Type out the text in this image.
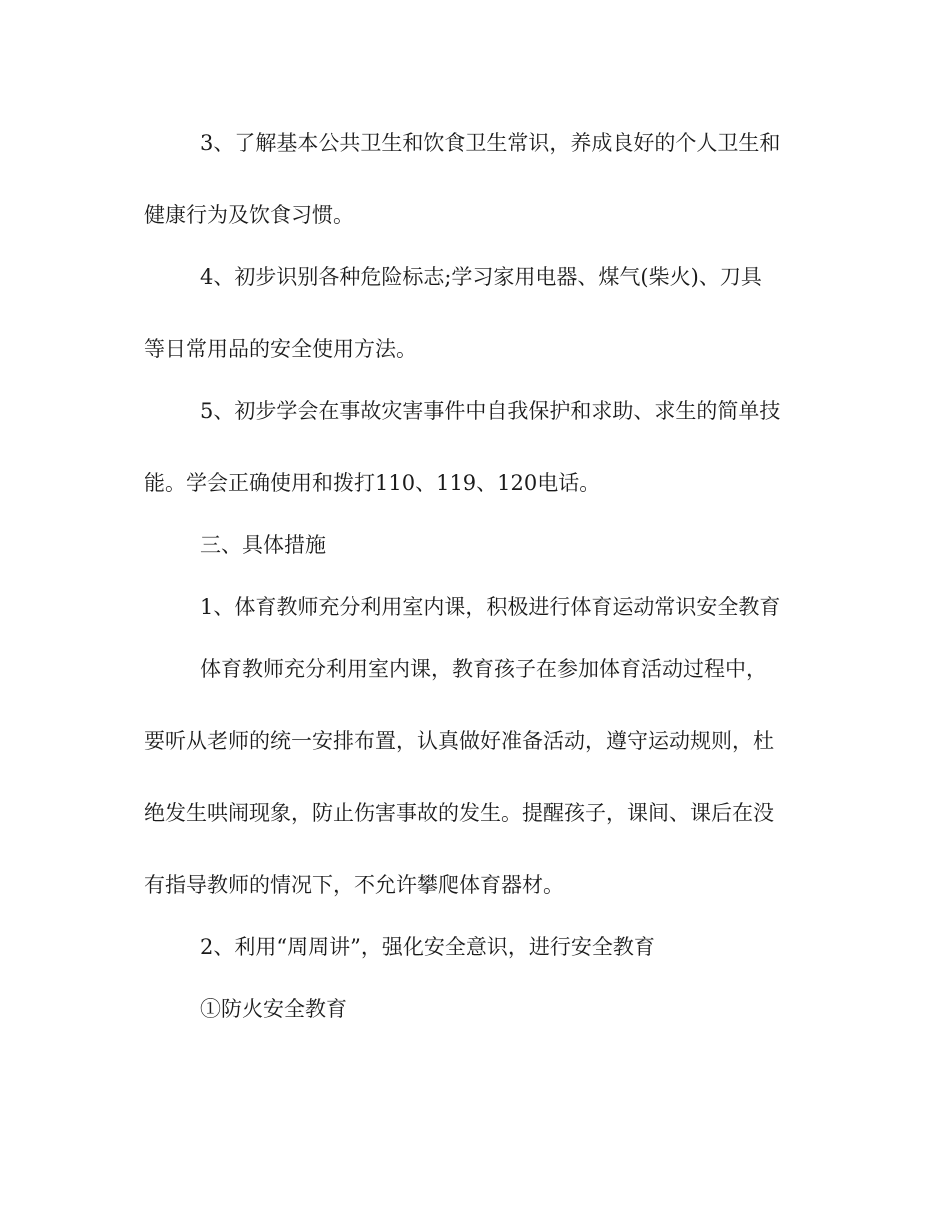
3、了解基本公共卫生和饮食卫生常识，养成良好的个人卫生和

健康行为及饮食习惯。

4、初步识别各种危险标志;学习家用电器、煤气(柴火)、刀具

等日常用品的安全使用方法。

5、初步学会在事故灾害事件中自我保护和求助、求生的简单技

能。学会正确使用和拨打110、119、120电话。

三、具体措施

1、体育教师充分利用室内课，积极进行体育运动常识安全教育

体育教师充分利用室内课，教育孩子在参加体育活动过程中，

要听从老师的统一安排布置，认真做好准备活动，遵守运动规则，杜

绝发生哄闹现象，防止伤害事故的发生。提醒孩子，课间、课后在没

有指导教师的情况下，不允许攀爬体育器材。

2、利用“周周讲”，强化安全意识，进行安全教育

①防火安全教育
